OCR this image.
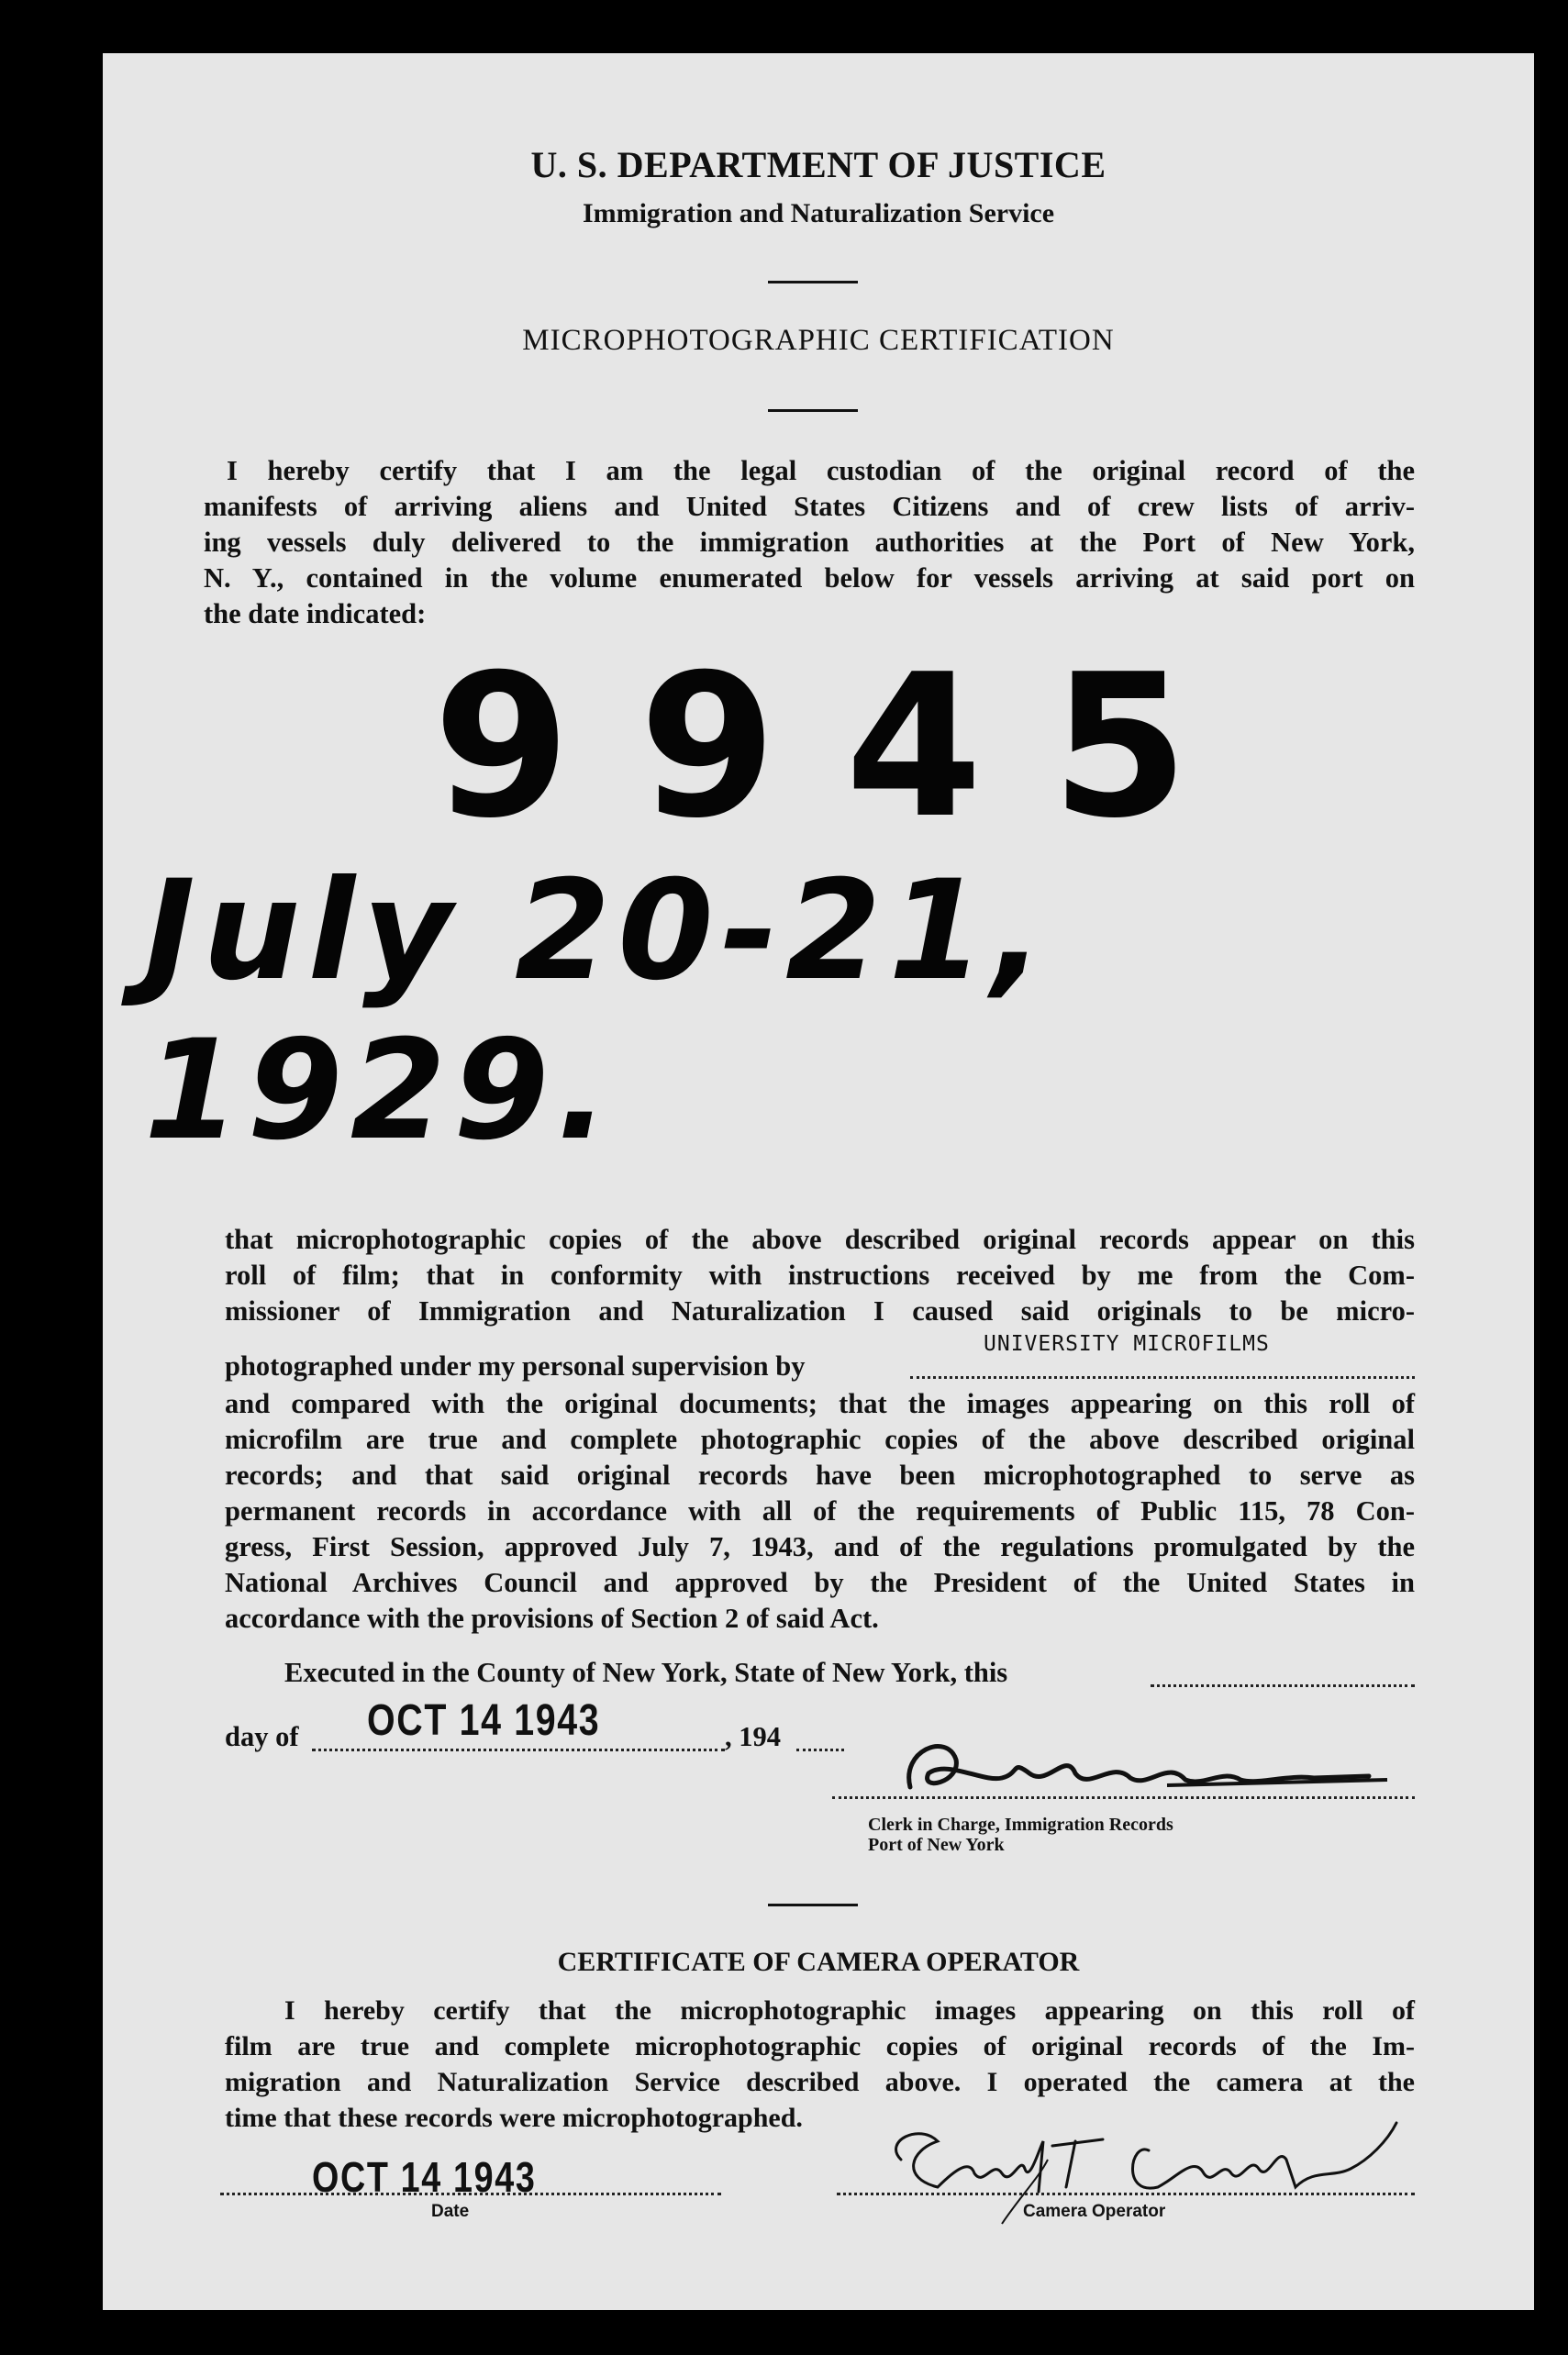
U. S. DEPARTMENT OF JUSTICE
Immigration and Naturalization Service
MICROPHOTOGRAPHIC CERTIFICATION
I hereby certify that I am the legal custodian of the original record of the
manifests of arriving aliens and United States Citizens and of crew lists of arriv-
ing vessels duly delivered to the immigration authorities at the Port of New York,
N. Y., contained in the volume enumerated below for vessels arriving at said port on
the date indicated:
9945
July 20-21, 1929.
that microphotographic copies of the above described original records appear on this
roll of film; that in conformity with instructions received by me from the Com-
missioner of Immigration and Naturalization I caused said originals to be micro-
photographed under my personal supervision by
UNIVERSITY MICROFILMS
and compared with the original documents; that the images appearing on this roll of
microfilm are true and complete photographic copies of the above described original
records; and that said original records have been microphotographed to serve as
permanent records in accordance with all of the requirements of Public 115, 78 Con-
gress, First Session, approved July 7, 1943, and of the regulations promulgated by the
National Archives Council and approved by the President of the United States in
accordance with the provisions of Section 2 of said Act.
Executed in the County of New York, State of New York, this
day of OCT 14 1943	, 194
Clerk in Charge, Immigration Records
Port of New York
CERTIFICATE OF CAMERA OPERATOR
I hereby certify that the microphotographic images appearing on this roll of
film are true and complete microphotographic copies of original records of the Im-
migration and Naturalization Service described above. I operated the camera at the
time that these records were microphotographed.
OCT 14 1943
Date	Camera Operator
